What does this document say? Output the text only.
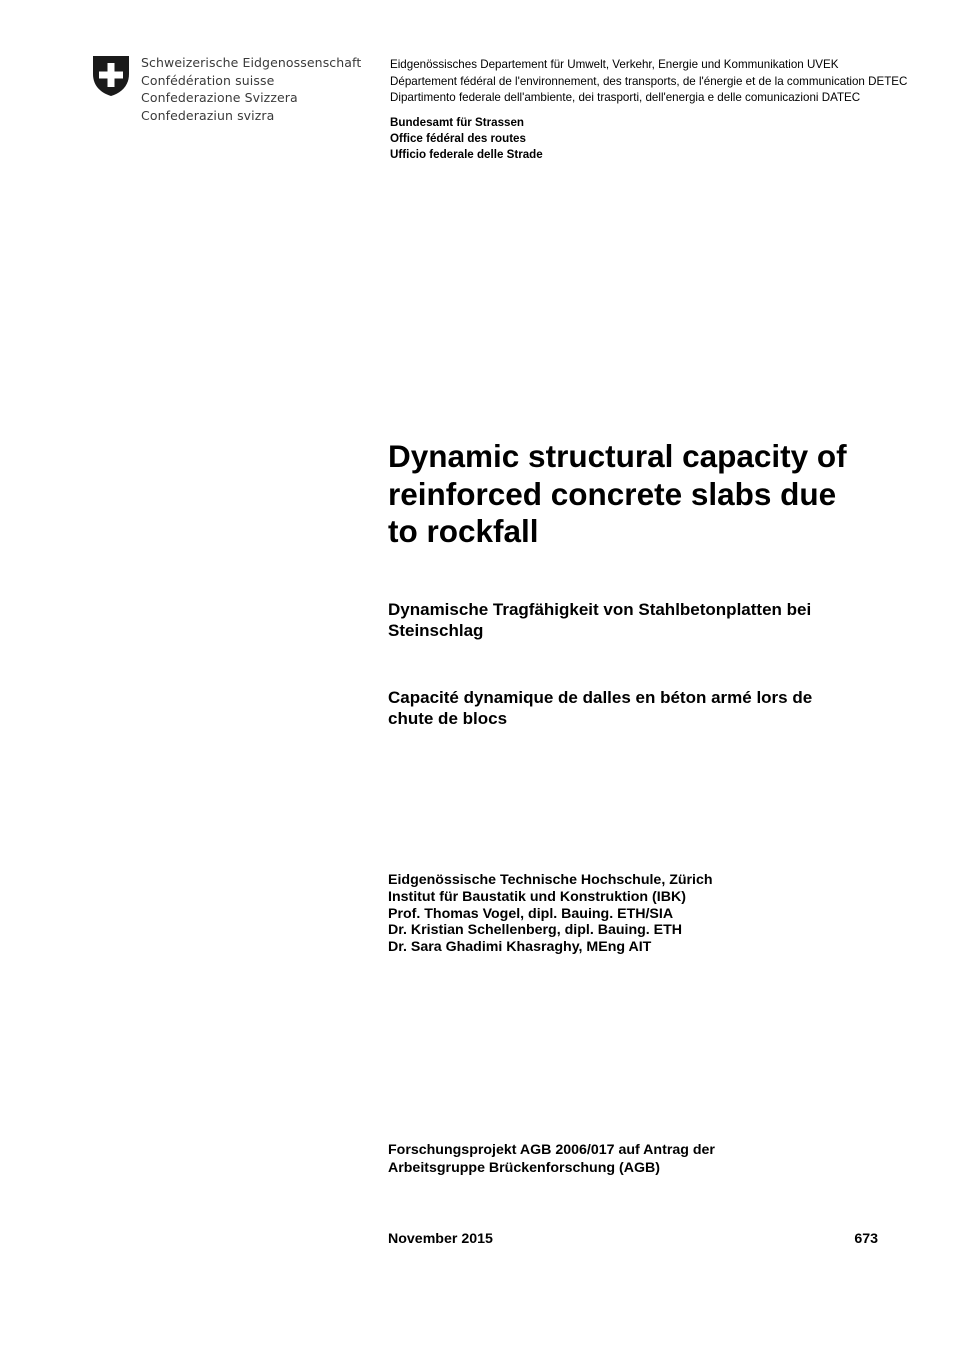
Schweizerische Eidgenossenschaft
Confédération suisse
Confederazione Svizzera
Confederaziun svizra
Eidgenössisches Departement für Umwelt, Verkehr, Energie und Kommunikation UVEK
Département fédéral de l'environnement, des transports, de l'énergie et de la communication DETEC
Dipartimento federale dell'ambiente, dei trasporti, dell'energia e delle comunicazioni DATEC
Bundesamt für Strassen
Office fédéral des routes
Ufficio federale delle Strade
Dynamic structural capacity of
reinforced concrete slabs due
to rockfall
Dynamische Tragfähigkeit von Stahlbetonplatten bei
Steinschlag
Capacité dynamique de dalles en béton armé lors de
chute de blocs
Eidgenössische Technische Hochschule, Zürich
Institut für Baustatik und Konstruktion (IBK)
Prof. Thomas Vogel, dipl. Bauing. ETH/SIA
Dr. Kristian Schellenberg, dipl. Bauing. ETH
Dr. Sara Ghadimi Khasraghy, MEng AIT
Forschungsprojekt AGB 2006/017 auf Antrag der
Arbeitsgruppe Brückenforschung (AGB)
November 2015	673
